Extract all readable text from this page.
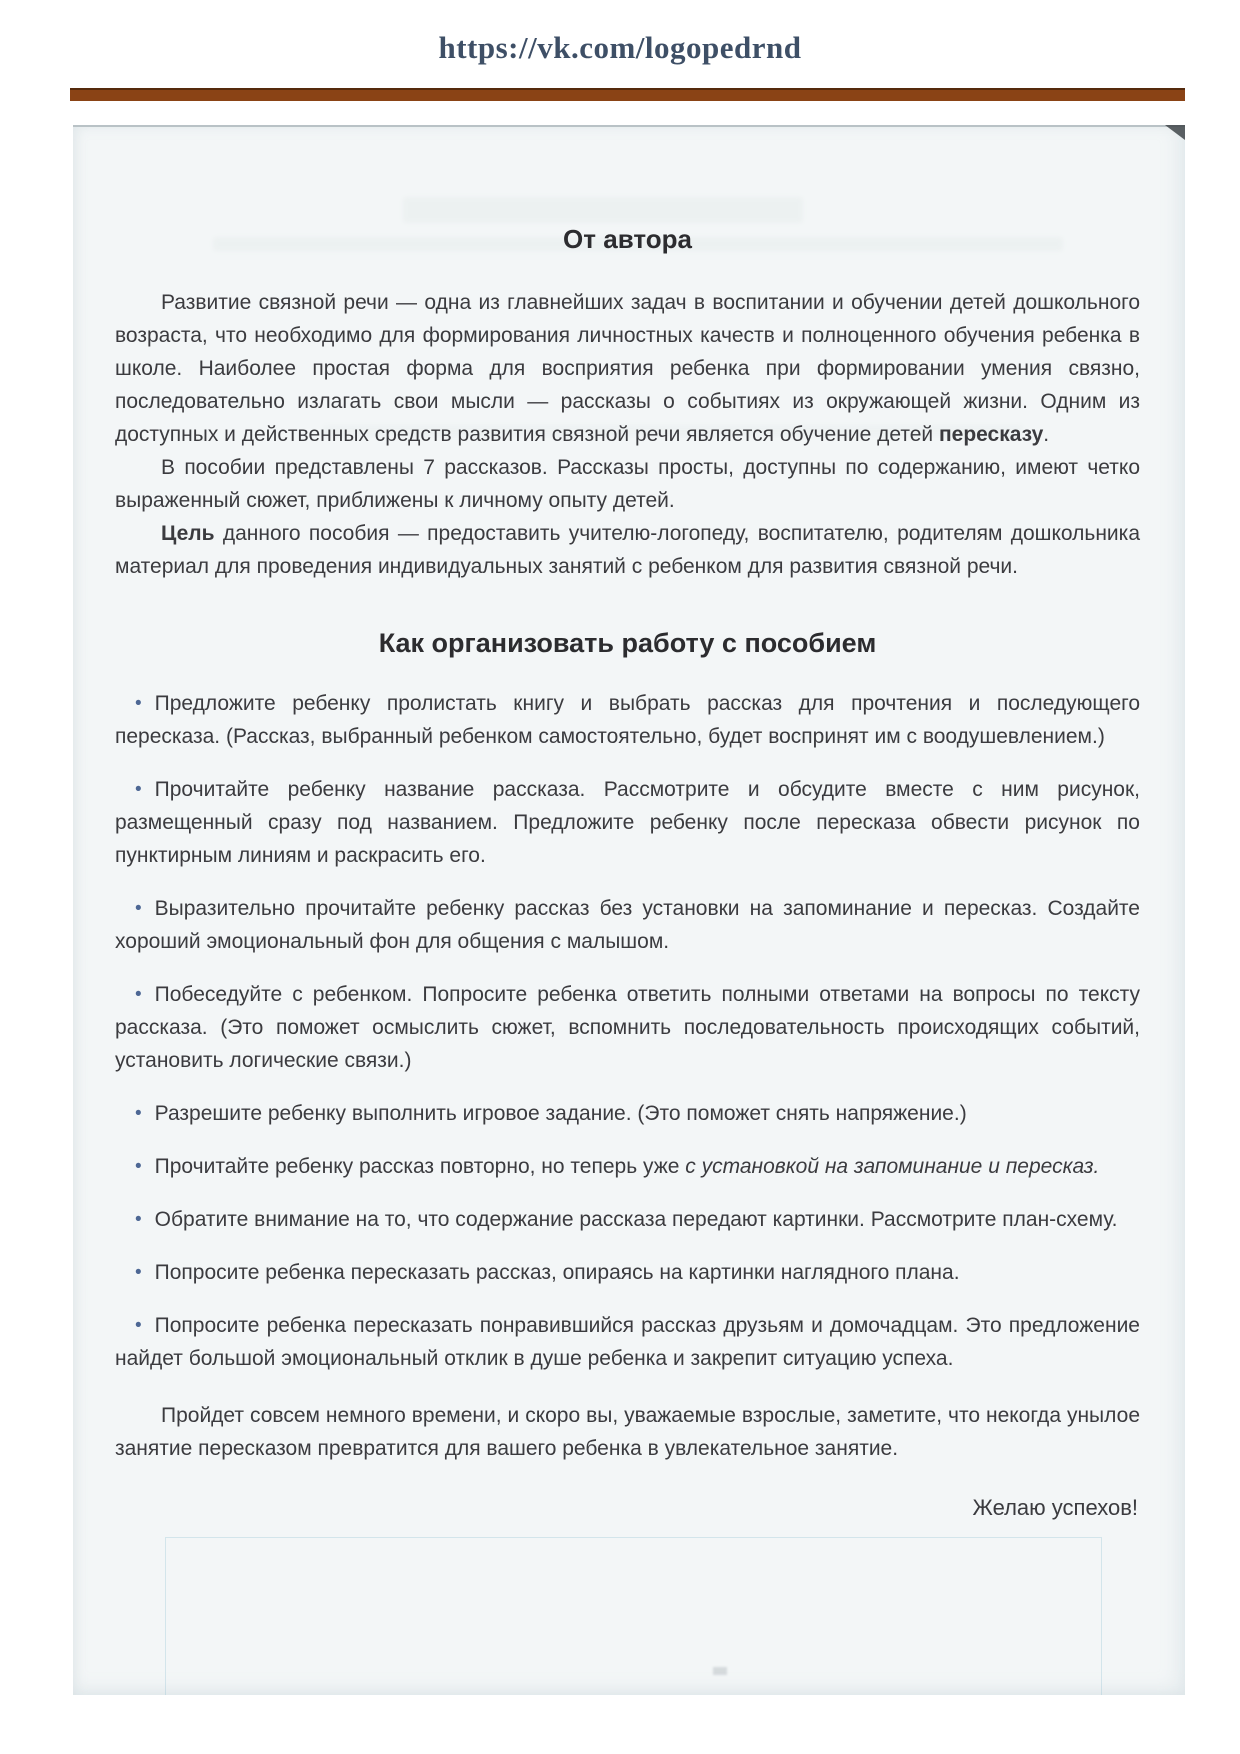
https://vk.com/logopedrnd
От автора

Развитие связной речи — одна из главнейших задач в воспитании и обучении детей дошкольного возраста, что необходимо для формирования личностных качеств и полноценного обучения ребенка в школе. Наиболее простая форма для восприятия ребенка при формировании умения связно, последовательно излагать свои мысли — рассказы о событиях из окружающей жизни. Одним из доступных и действенных средств развития связной речи является обучение детей пересказу.

В пособии представлены 7 рассказов. Рассказы просты, доступны по содержанию, имеют четко выраженный сюжет, приближены к личному опыту детей.

Цель данного пособия — предоставить учителю-логопеду, воспитателю, родителям дошкольника материал для проведения индивидуальных занятий с ребенком для развития связной речи.

Как организовать работу с пособием

• Предложите ребенку пролистать книгу и выбрать рассказ для прочтения и последующего пересказа. (Рассказ, выбранный ребенком самостоятельно, будет воспринят им с воодушевлением.)

• Прочитайте ребенку название рассказа. Рассмотрите и обсудите вместе с ним рисунок, размещенный сразу под названием. Предложите ребенку после пересказа обвести рисунок по пунктирным линиям и раскрасить его.

• Выразительно прочитайте ребенку рассказ без установки на запоминание и пересказ. Создайте хороший эмоциональный фон для общения с малышом.

• Побеседуйте с ребенком. Попросите ребенка ответить полными ответами на вопросы по тексту рассказа. (Это поможет осмыслить сюжет, вспомнить последовательность происходящих событий, установить логические связи.)

• Разрешите ребенку выполнить игровое задание. (Это поможет снять напряжение.)

• Прочитайте ребенку рассказ повторно, но теперь уже с установкой на запоминание и пересказ.

• Обратите внимание на то, что содержание рассказа передают картинки. Рассмотрите план-схему.

• Попросите ребенка пересказать рассказ, опираясь на картинки наглядного плана.

• Попросите ребенка пересказать понравившийся рассказ друзьям и домочадцам. Это предложение найдет большой эмоциональный отклик в душе ребенка и закрепит ситуацию успеха.

Пройдет совсем немного времени, и скоро вы, уважаемые взрослые, заметите, что некогда унылое занятие пересказом превратится для вашего ребенка в увлекательное занятие.

Желаю успехов!
